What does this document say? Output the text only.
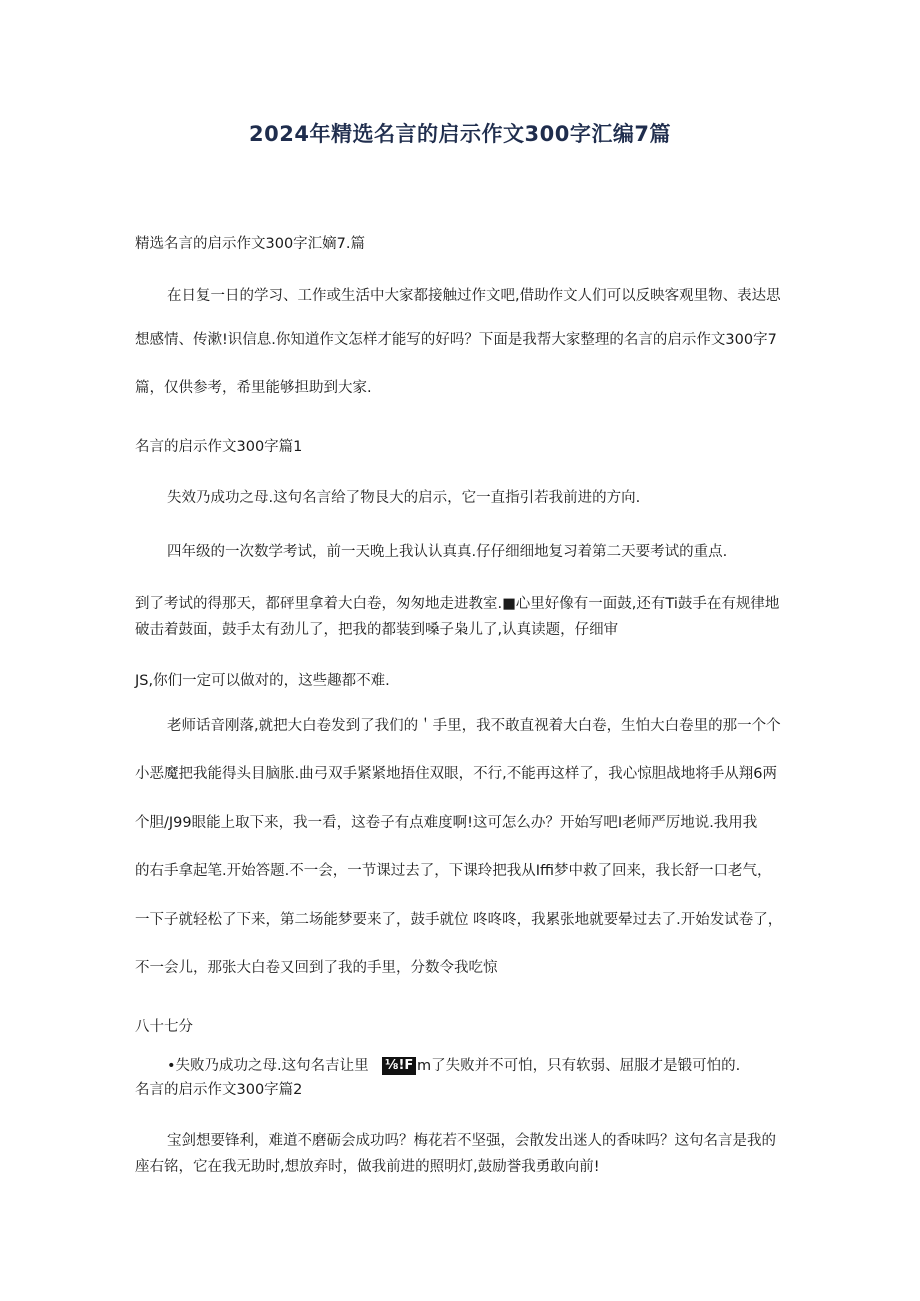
2024年精选名言的启示作文300字汇编7篇
精选名言的启示作文300字汇嫡7.篇
在日复一日的学习、工作或生活中大家都接触过作文吧,借助作文人们可以反映客观里物、表达思
想感情、传漱!识信息.你知道作文怎样才能写的好吗？下面是我帮大家整理的名言的启示作文300字7
篇，仅供参考，希里能够担助到大家.
名言的启示作文300字篇1
失效乃成功之母.这句名言给了物艮大的启示，它一直指引若我前进的方向.
四年级的一次数学考试，前一天晚上我认认真真.仔仔细细地复习着第二天要考试的重点.
到了考试的得那天，都砰里拿着大白卷，匆匆地走进教室.■心里好像有一面鼓,还有Ti鼓手在有规律地
破击着鼓面，鼓手太有劲儿了，把我的都装到嗓子枭儿了,认真读题，仔细审
JS,你们一定可以做对的，这些趣都不难.
老师话音刚落,就把大白卷发到了我们的＇手里，我不敢直视着大白卷，生怕大白卷里的那一个个
小恶魔把我能得头目脑胀.曲弓双手紧紧地捂住双眼，不行,不能再这样了，我心惊胆战地将手从翔6两
个胆/J99眼能上取下来，我一看，这卷子有点难度啊!这可怎么办？开始写吧I老师严厉地说.我用我
的右手拿起笔.开始答题.不一会，一节课过去了，下课玲把我从Iffi梦中救了回来，我长舒一口老气，
一下子就轻松了下来，第二场能梦要来了，鼓手就位 咚咚咚，我累张地就要晕过去了.开始发试卷了，
不一会儿，那张大白卷又回到了我的手里，分数令我吃惊
八十七分
•失败乃成功之母.这句名吉让里 ⅛!F m了失败并不可怕，只有软弱、屈服才是锻可怕的.
名言的启示作文300字篇2
宝剑想要锋利，难道不磨砺会成功吗？梅花若不坚强，会散发出迷人的香味吗？这句名言是我的
座右铭，它在我无助时,想放弃时，做我前进的照明灯,鼓励誉我勇敢向前!
